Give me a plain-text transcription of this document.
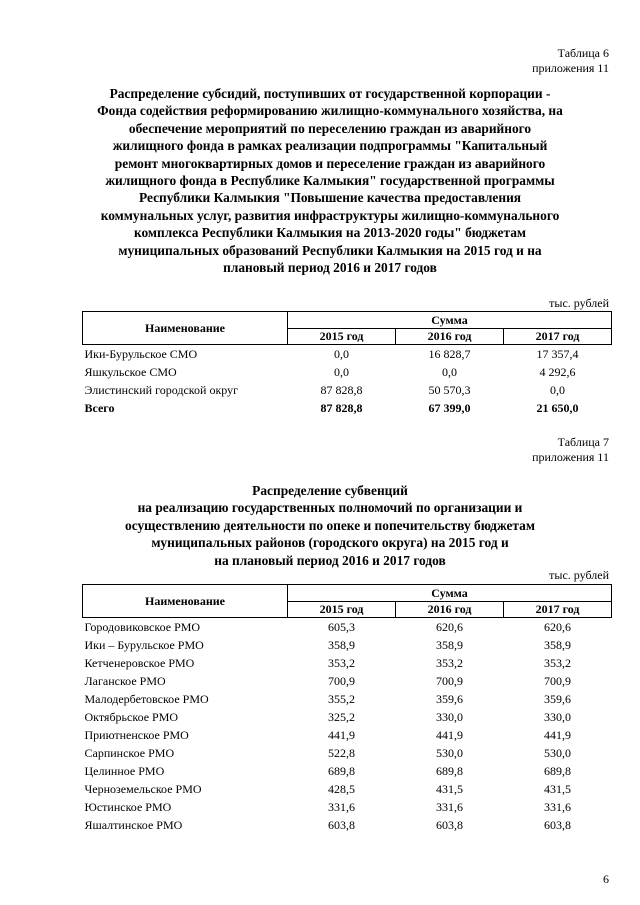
Таблица 6
приложения 11
Распределение субсидий, поступивших от государственной корпорации -
Фонда содействия реформированию жилищно-коммунального хозяйства, на
обеспечение мероприятий по переселению граждан из аварийного
жилищного фонда в рамках реализации подпрограммы "Капитальный
ремонт многоквартирных домов и переселение граждан из аварийного
жилищного фонда в Республике Калмыкия" государственной программы
Республики Калмыкия "Повышение качества предоставления
коммунальных услуг, развития инфраструктуры жилищно-коммунального
комплекса Республики Калмыкия на 2013-2020 годы" бюджетам
муниципальных образований Республики Калмыкия на 2015 год и на
плановый период 2016 и 2017 годов
тыс. рублей
Наименование	Сумма		
	2015 год	2016 год	2017 год
Ики-Бурульское СМО	0,0	16 828,7	17 357,4
Яшкульское СМО	0,0	0,0	4 292,6
Элистинский городской округ	87 828,8	50 570,3	0,0
Всего	87 828,8	67 399,0	21 650,0
Таблица 7
приложения 11
Распределение субвенций
на реализацию государственных полномочий по организации и
осуществлению деятельности по опеке и попечительству бюджетам
муниципальных районов (городского округа) на 2015 год и
на плановый период 2016 и 2017 годов
тыс. рублей
Наименование	Сумма		
	2015 год	2016 год	2017 год
Городовиковское РМО	605,3	620,6	620,6
Ики – Бурульское РМО	358,9	358,9	358,9
Кетченеровское РМО	353,2	353,2	353,2
Лаганское РМО	700,9	700,9	700,9
Малодербетовское РМО	355,2	359,6	359,6
Октябрьское РМО	325,2	330,0	330,0
Приютненское РМО	441,9	441,9	441,9
Сарпинское РМО	522,8	530,0	530,0
Целинное РМО	689,8	689,8	689,8
Черноземельское РМО	428,5	431,5	431,5
Юстинское РМО	331,6	331,6	331,6
Яшалтинское РМО	603,8	603,8	603,8
6
